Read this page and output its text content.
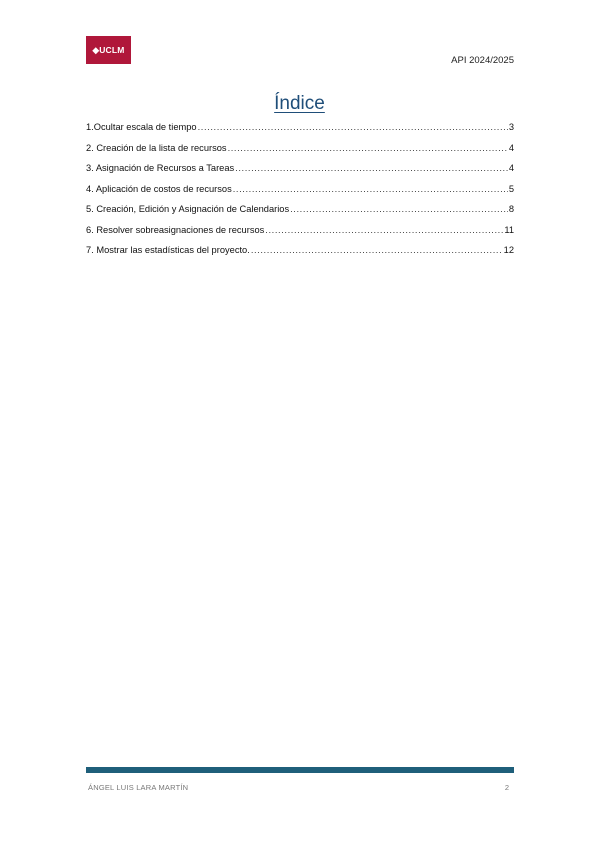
◆UCLM
API 2024/2025
Índice
1.Ocultar escala de tiempo .....	3
2. Creación de la lista de recursos .....	4
3. Asignación de Recursos a Tareas .....	4
4. Aplicación de costos de recursos .....	5
5. Creación, Edición y Asignación de Calendarios .....	8
6. Resolver sobreasignaciones de recursos .....	11
7. Mostrar las estadísticas del proyecto. .....	12
ÁNGEL LUIS LARA MARTÍN	2
